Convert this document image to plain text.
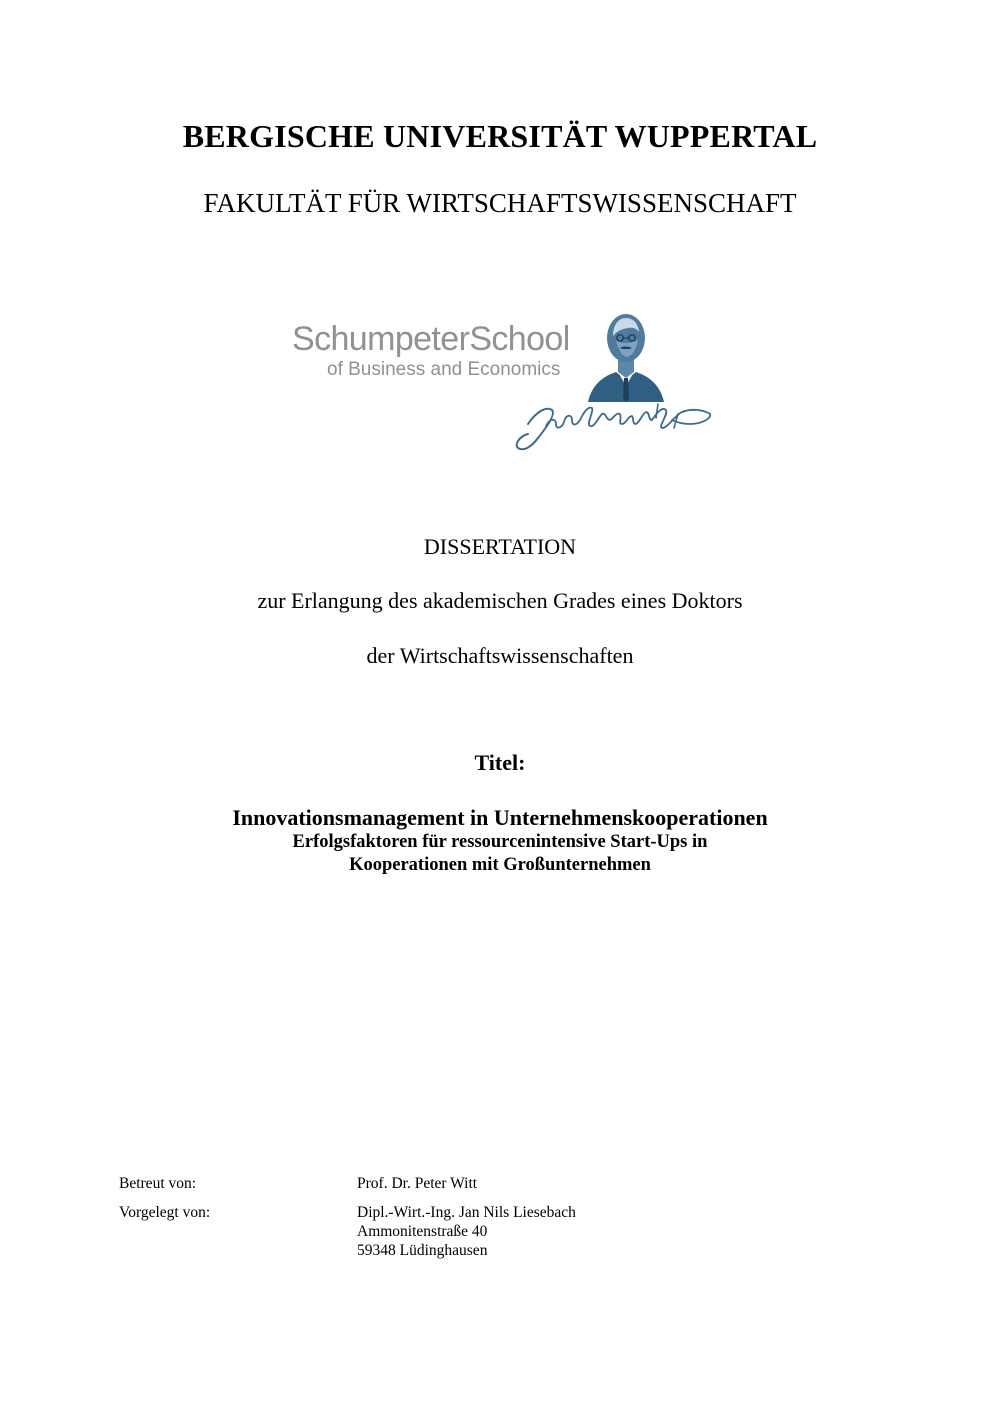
BERGISCHE UNIVERSITÄT WUPPERTAL
FAKULTÄT FÜR WIRTSCHAFTSWISSENSCHAFT
SchumpeterSchool
of Business and Economics
DISSERTATION
zur Erlangung des akademischen Grades eines Doktors
der Wirtschaftswissenschaften
Titel:
Innovationsmanagement in Unternehmenskooperationen
Erfolgsfaktoren für ressourcenintensive Start-Ups in
Kooperationen mit Großunternehmen
Betreut von:	Prof. Dr. Peter Witt
Vorgelegt von:	Dipl.-Wirt.-Ing. Jan Nils Liesebach
Ammonitenstraße 40
59348 Lüdinghausen
